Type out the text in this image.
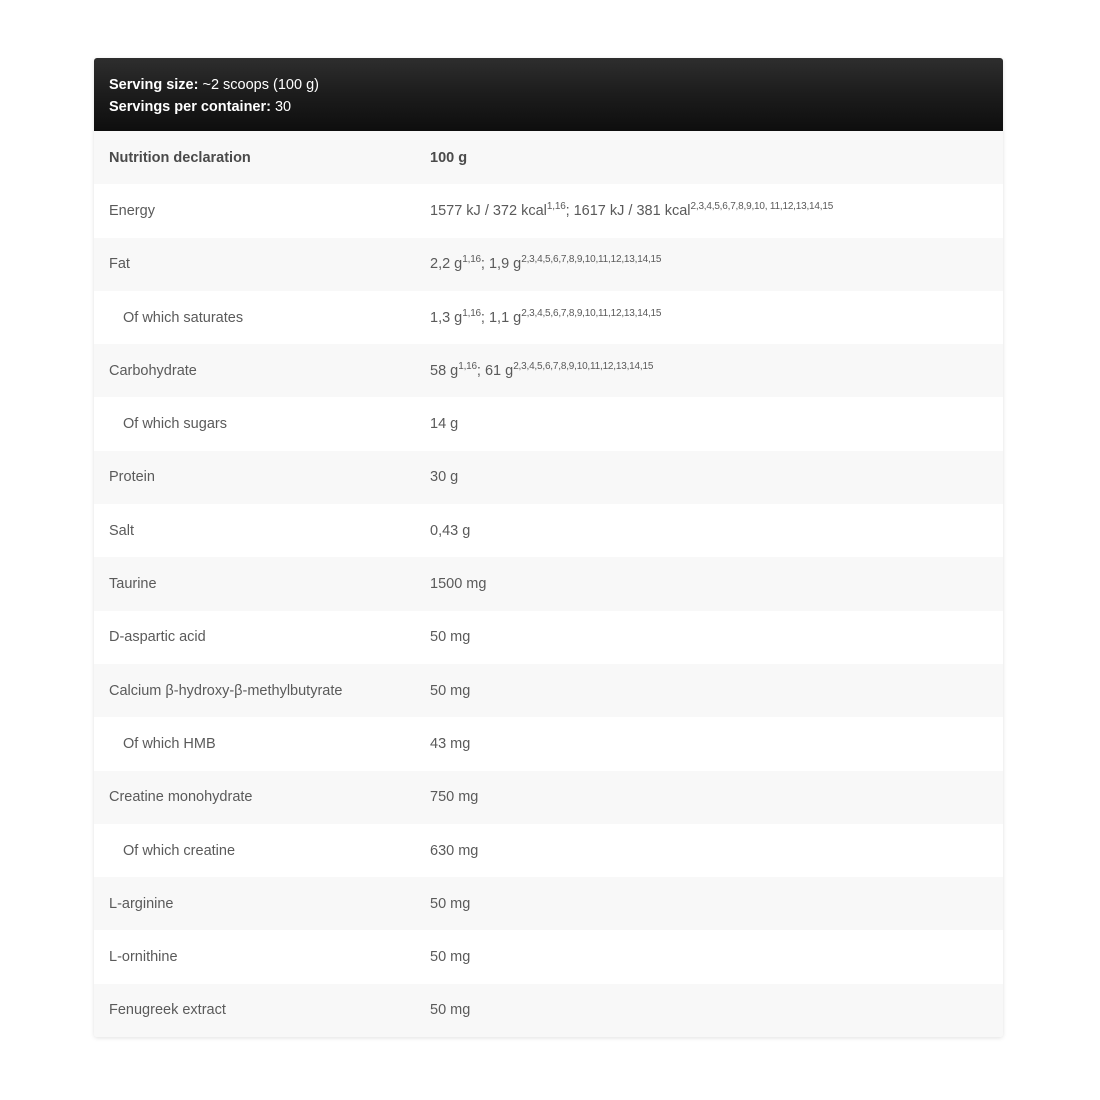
Serving size: ~2 scoops (100 g)
Servings per container: 30
Nutrition declaration	100 g
Energy	1577 kJ / 372 kcal$^{1,16}$; 1617 kJ / 381 kcal$^{2,3,4,5,6,7,8,9,10, 11,12,13,14,15}$
Fat	2,2 $g^{1,16}$; 1,9 $g^{2,3,4,5,6,7,8,9,10,11,12,13,14,15}$
Of which saturates	1,3 $g^{1,16}$; 1,1 $g^{2,3,4,5,6,7,8,9,10,11,12,13,14,15}$
Carbohydrate	58 $g^{1,16}$; 61 $g^{2,3,4,5,6,7,8,9,10,11,12,13,14,15}$
Of which sugars	14 g
Protein	30 g
Salt	0,43 g
Taurine	1500 mg
D-aspartic acid	50 mg
Calcium β-hydroxy-β-methylbutyrate	50 mg
Of which HMB	43 mg
Creatine monohydrate	750 mg
Of which creatine	630 mg
L-arginine	50 mg
L-ornithine	50 mg
Fenugreek extract	50 mg
